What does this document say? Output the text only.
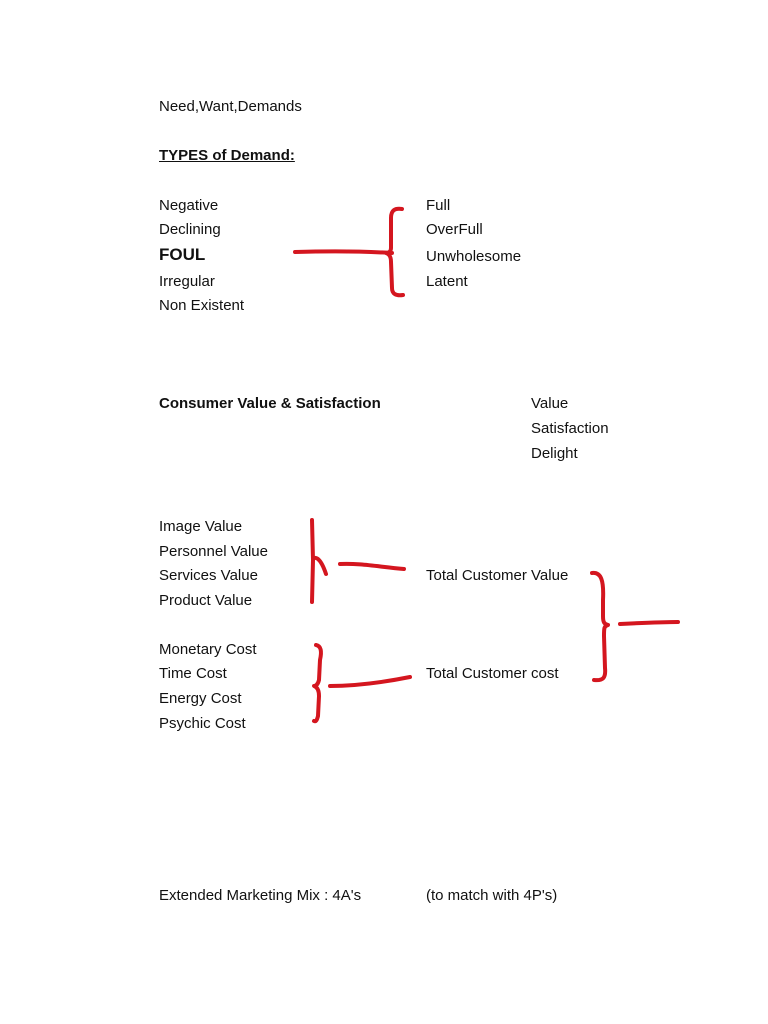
Need,Want,Demands
TYPES of Demand:
Negative
Declining
FOUL
Irregular
Non Existent
Full
OverFull
Unwholesome
Latent
Consumer Value & Satisfaction	Value
Satisfaction
Delight
Image Value
Personnel Value
Services Value
Product Value
Monetary Cost
Time Cost
Energy Cost
Psychic Cost
Total Customer Value
Total Customer cost
Extended Marketing Mix : 4A's	(to match with 4P's)
